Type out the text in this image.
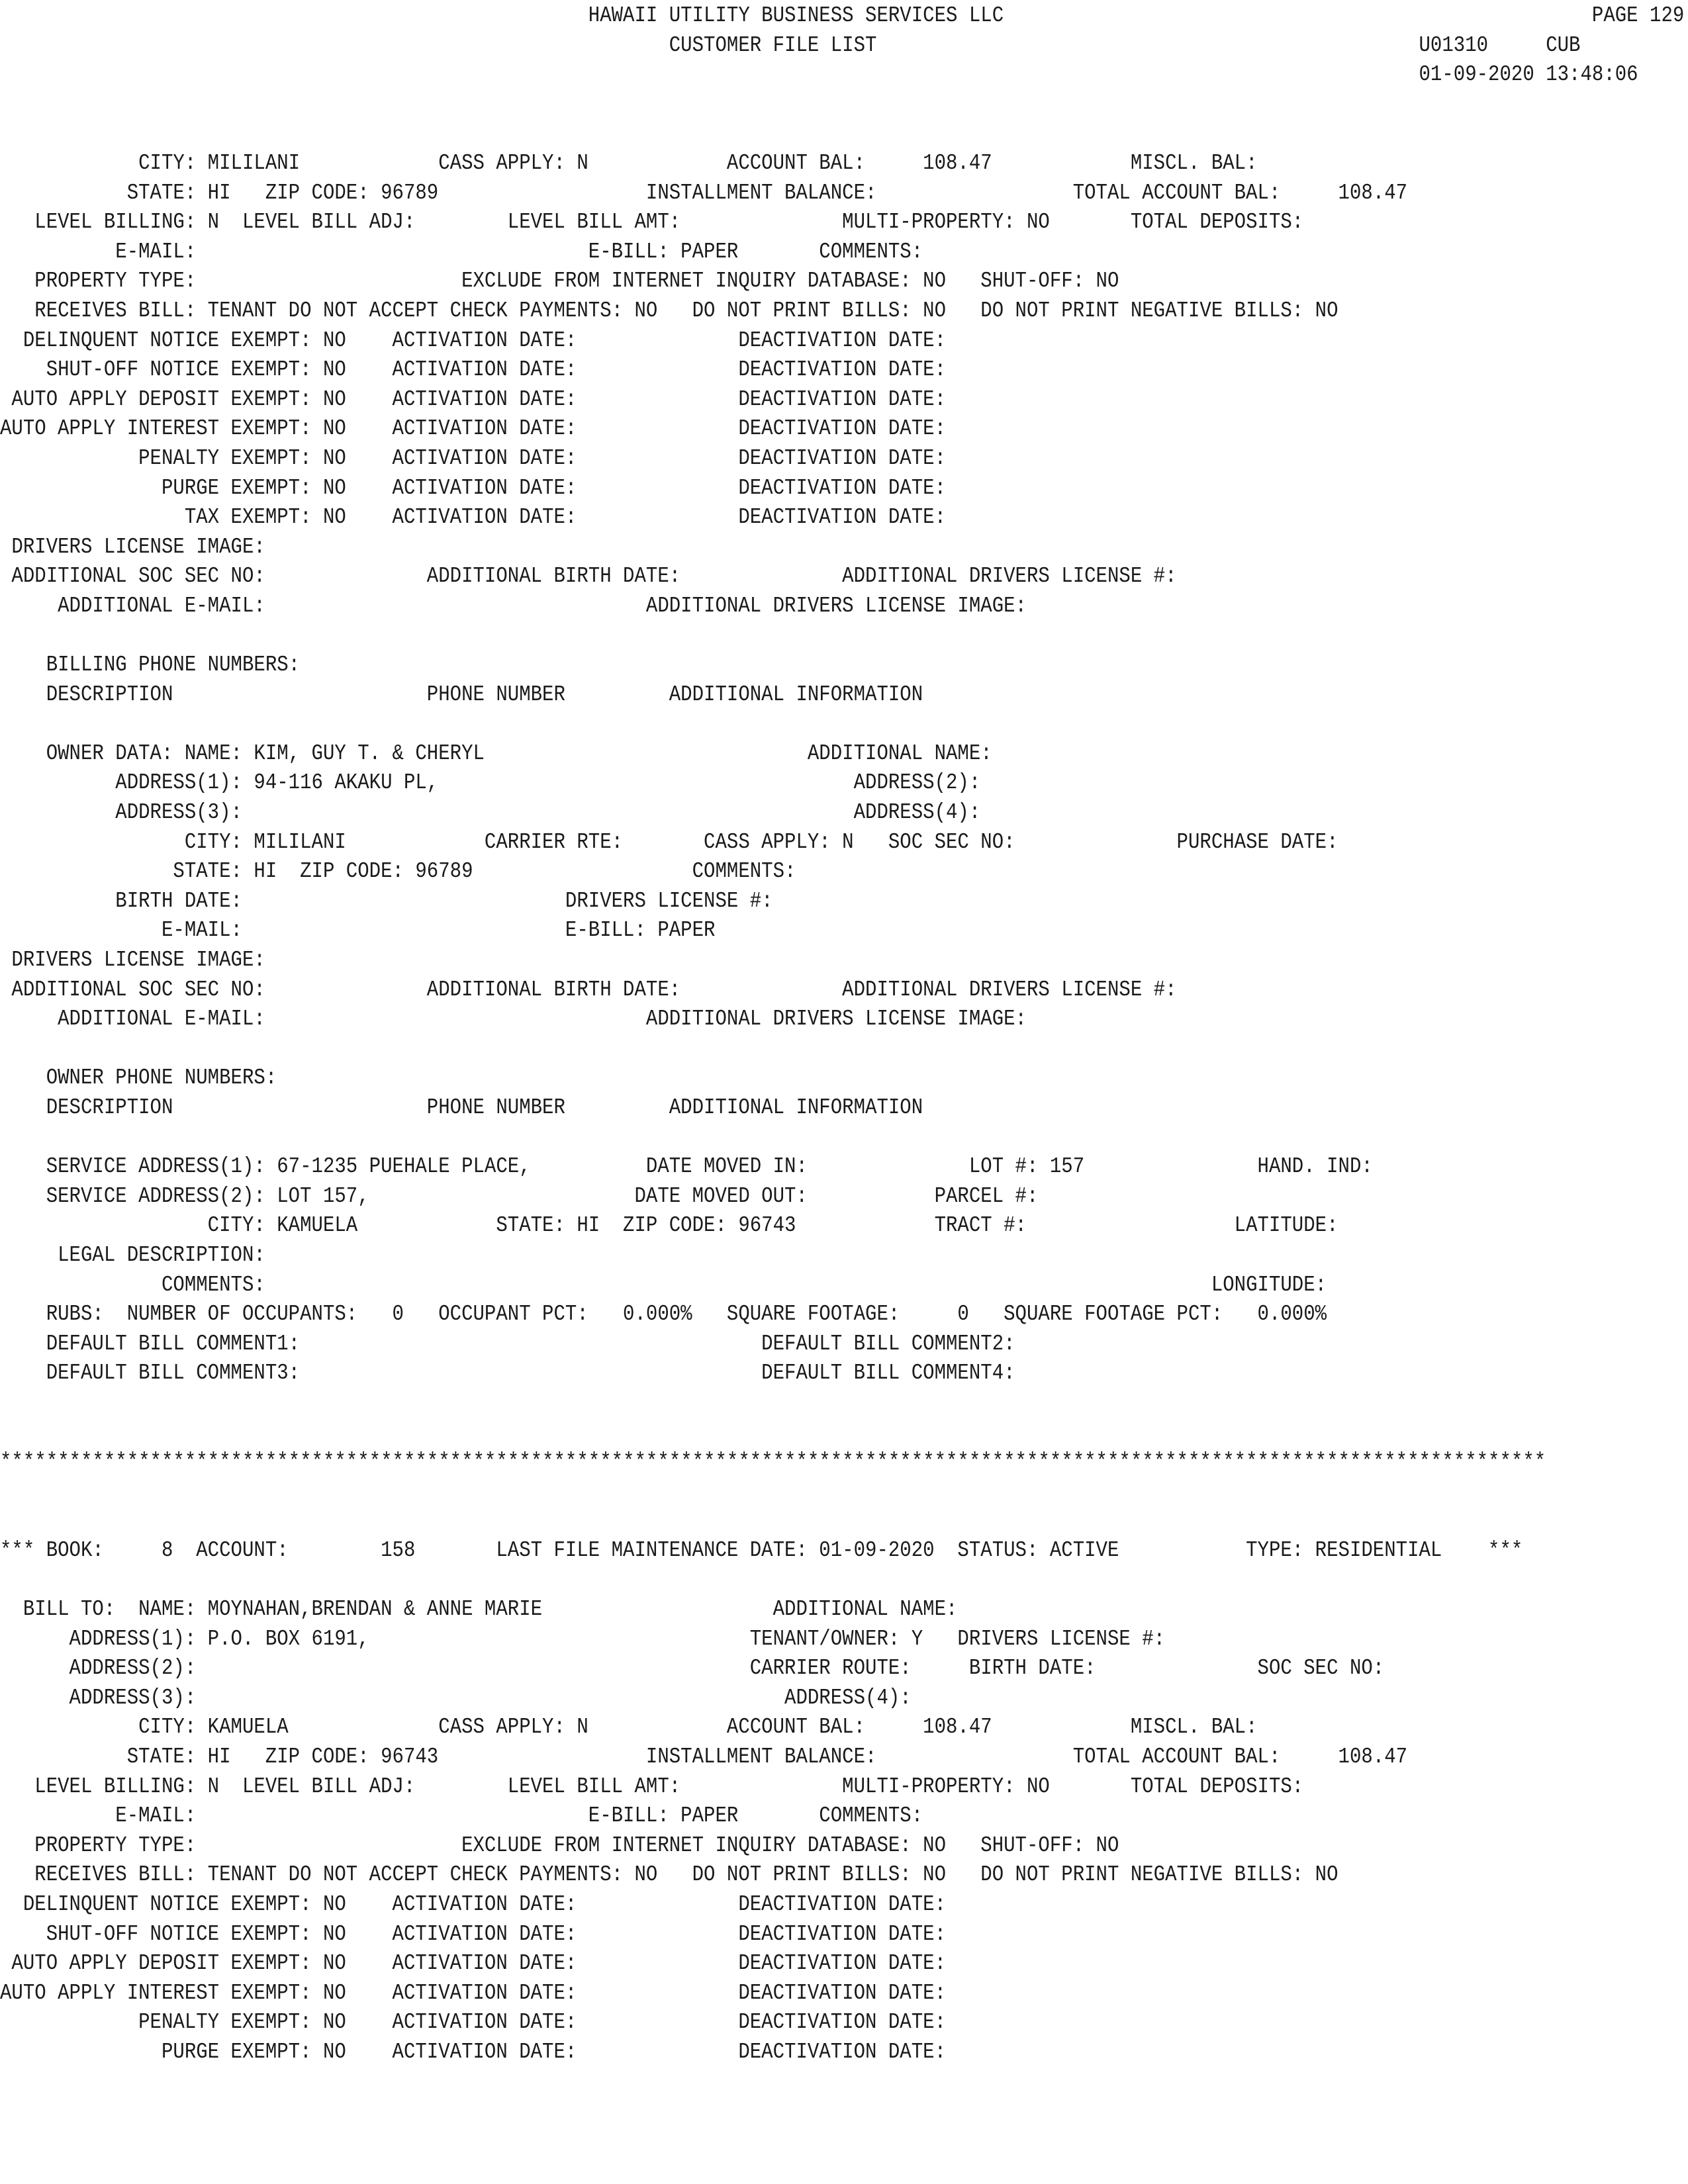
HAWAII UTILITY BUSINESS SERVICES LLC                                                   PAGE 129
CUSTOMER FILE LIST                                               U01310     CUB
01-09-2020 13:48:06
CITY: MILILANI            CASS APPLY: N            ACCOUNT BAL:     108.47            MISCL. BAL:
STATE: HI   ZIP CODE: 96789                  INSTALLMENT BALANCE:                 TOTAL ACCOUNT BAL:     108.47
LEVEL BILLING: N  LEVEL BILL ADJ:        LEVEL BILL AMT:              MULTI-PROPERTY: NO       TOTAL DEPOSITS:
E-MAIL:                                  E-BILL: PAPER       COMMENTS:
PROPERTY TYPE:                       EXCLUDE FROM INTERNET INQUIRY DATABASE: NO   SHUT-OFF: NO
RECEIVES BILL: TENANT DO NOT ACCEPT CHECK PAYMENTS: NO   DO NOT PRINT BILLS: NO   DO NOT PRINT NEGATIVE BILLS: NO
DELINQUENT NOTICE EXEMPT: NO    ACTIVATION DATE:              DEACTIVATION DATE:
SHUT-OFF NOTICE EXEMPT: NO    ACTIVATION DATE:              DEACTIVATION DATE:
AUTO APPLY DEPOSIT EXEMPT: NO    ACTIVATION DATE:              DEACTIVATION DATE:
AUTO APPLY INTEREST EXEMPT: NO    ACTIVATION DATE:              DEACTIVATION DATE:
PENALTY EXEMPT: NO    ACTIVATION DATE:              DEACTIVATION DATE:
PURGE EXEMPT: NO    ACTIVATION DATE:              DEACTIVATION DATE:
TAX EXEMPT: NO    ACTIVATION DATE:              DEACTIVATION DATE:
DRIVERS LICENSE IMAGE:
ADDITIONAL SOC SEC NO:              ADDITIONAL BIRTH DATE:              ADDITIONAL DRIVERS LICENSE #:
ADDITIONAL E-MAIL:                                 ADDITIONAL DRIVERS LICENSE IMAGE:
BILLING PHONE NUMBERS:
DESCRIPTION                      PHONE NUMBER         ADDITIONAL INFORMATION
OWNER DATA: NAME: KIM, GUY T. & CHERYL                            ADDITIONAL NAME:
ADDRESS(1): 94-116 AKAKU PL,                                    ADDRESS(2):
ADDRESS(3):                                                     ADDRESS(4):
CITY: MILILANI            CARRIER RTE:       CASS APPLY: N   SOC SEC NO:              PURCHASE DATE:
STATE: HI  ZIP CODE: 96789                   COMMENTS:
BIRTH DATE:                            DRIVERS LICENSE #:
E-MAIL:                            E-BILL: PAPER
DRIVERS LICENSE IMAGE:
ADDITIONAL SOC SEC NO:              ADDITIONAL BIRTH DATE:              ADDITIONAL DRIVERS LICENSE #:
ADDITIONAL E-MAIL:                                 ADDITIONAL DRIVERS LICENSE IMAGE:
OWNER PHONE NUMBERS:
DESCRIPTION                      PHONE NUMBER         ADDITIONAL INFORMATION
SERVICE ADDRESS(1): 67-1235 PUEHALE PLACE,          DATE MOVED IN:              LOT #: 157               HAND. IND:
SERVICE ADDRESS(2): LOT 157,                       DATE MOVED OUT:           PARCEL #:
CITY: KAMUELA            STATE: HI  ZIP CODE: 96743            TRACT #:                  LATITUDE:
LEGAL DESCRIPTION:
COMMENTS:                                                                                  LONGITUDE:
RUBS:  NUMBER OF OCCUPANTS:   0   OCCUPANT PCT:   0.000%   SQUARE FOOTAGE:     0   SQUARE FOOTAGE PCT:   0.000%
DEFAULT BILL COMMENT1:                                        DEFAULT BILL COMMENT2:
DEFAULT BILL COMMENT3:                                        DEFAULT BILL COMMENT4:
**************************************************************************************************************************************
*** BOOK:     8  ACCOUNT:        158       LAST FILE MAINTENANCE DATE: 01-09-2020  STATUS: ACTIVE           TYPE: RESIDENTIAL    ***
BILL TO:  NAME: MOYNAHAN,BRENDAN & ANNE MARIE                    ADDITIONAL NAME:
ADDRESS(1): P.O. BOX 6191,                                 TENANT/OWNER: Y   DRIVERS LICENSE #:
ADDRESS(2):                                                CARRIER ROUTE:     BIRTH DATE:              SOC SEC NO:
ADDRESS(3):                                                   ADDRESS(4):
CITY: KAMUELA             CASS APPLY: N            ACCOUNT BAL:     108.47            MISCL. BAL:
STATE: HI   ZIP CODE: 96743                  INSTALLMENT BALANCE:                 TOTAL ACCOUNT BAL:     108.47
LEVEL BILLING: N  LEVEL BILL ADJ:        LEVEL BILL AMT:              MULTI-PROPERTY: NO       TOTAL DEPOSITS:
E-MAIL:                                  E-BILL: PAPER       COMMENTS:
PROPERTY TYPE:                       EXCLUDE FROM INTERNET INQUIRY DATABASE: NO   SHUT-OFF: NO
RECEIVES BILL: TENANT DO NOT ACCEPT CHECK PAYMENTS: NO   DO NOT PRINT BILLS: NO   DO NOT PRINT NEGATIVE BILLS: NO
DELINQUENT NOTICE EXEMPT: NO    ACTIVATION DATE:              DEACTIVATION DATE:
SHUT-OFF NOTICE EXEMPT: NO    ACTIVATION DATE:              DEACTIVATION DATE:
AUTO APPLY DEPOSIT EXEMPT: NO    ACTIVATION DATE:              DEACTIVATION DATE:
AUTO APPLY INTEREST EXEMPT: NO    ACTIVATION DATE:              DEACTIVATION DATE:
PENALTY EXEMPT: NO    ACTIVATION DATE:              DEACTIVATION DATE:
PURGE EXEMPT: NO    ACTIVATION DATE:              DEACTIVATION DATE:
